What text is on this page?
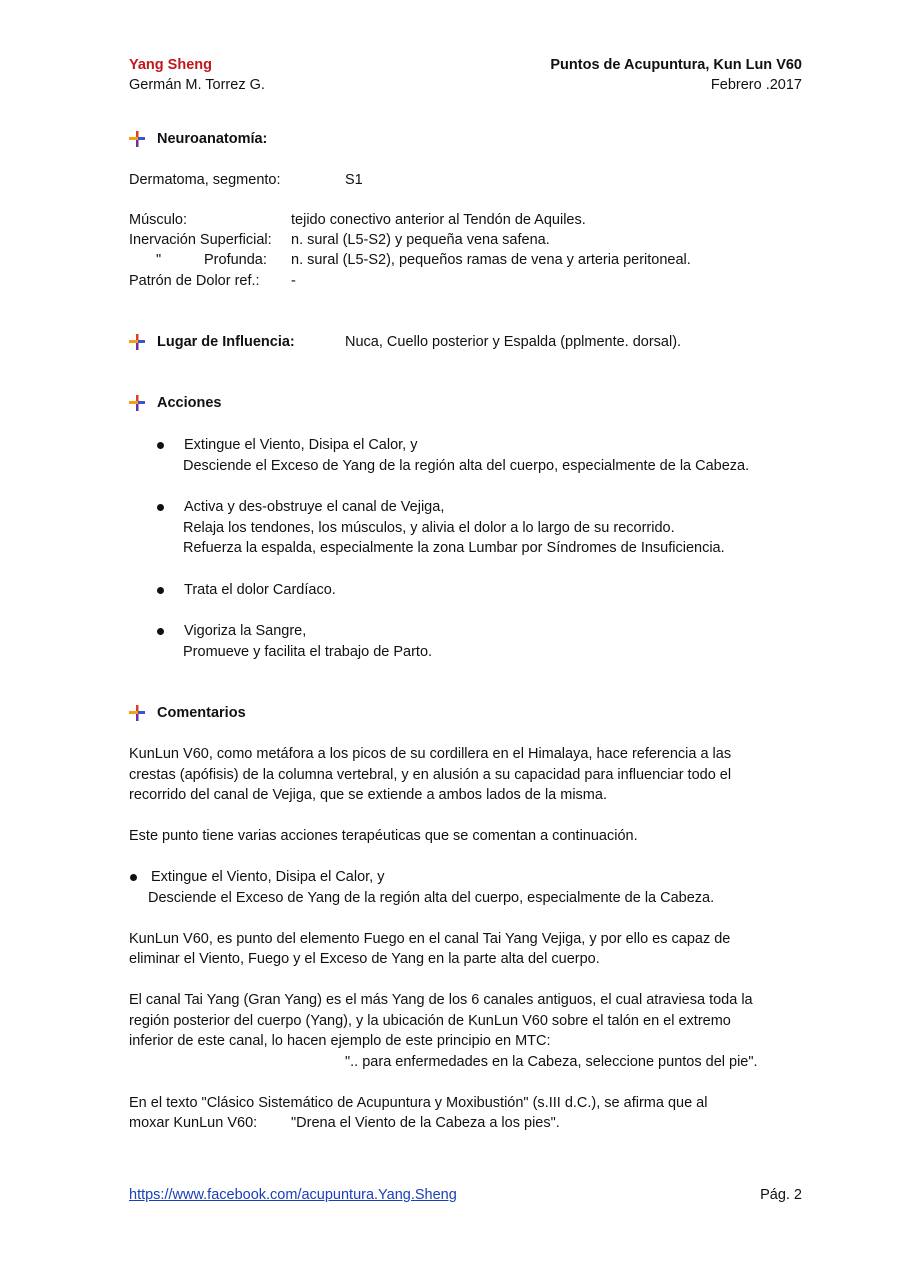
Yang Sheng
Germán M. Torrez G.
Puntos de Acupuntura, Kun Lun V60
Febrero .2017
Neuroanatomía:
Dermatoma, segmento:	S1
Músculo:	tejido conectivo anterior al Tendón de Aquiles.
Inervación Superficial: n. sural (L5-S2) y pequeña vena safena.
"	Profunda: n. sural (L5-S2), pequeños ramas de vena y arteria peritoneal.
Patrón de Dolor ref.: -
Lugar de Influencia:	Nuca, Cuello posterior y Espalda (pplmente. dorsal).
Acciones
Extingue el Viento, Disipa el Calor, y
Desciende el Exceso de Yang de la región alta del cuerpo, especialmente de la Cabeza.
Activa y des-obstruye el canal de Vejiga,
Relaja los tendones, los músculos, y alivia el dolor a lo largo de su recorrido.
Refuerza la espalda, especialmente la zona Lumbar por Síndromes de Insuficiencia.
Trata el dolor Cardíaco.
Vigoriza la Sangre,
Promueve y facilita el trabajo de Parto.
Comentarios
KunLun V60, como metáfora a los picos de su cordillera en el Himalaya, hace referencia a las
crestas (apófisis) de la columna vertebral, y en alusión a su capacidad para influenciar todo el
recorrido del canal de Vejiga, que se extiende a ambos lados de la misma.
Este punto tiene varias acciones terapéuticas que se comentan a continuación.
Extingue el Viento, Disipa el Calor, y
Desciende el Exceso de Yang de la región alta del cuerpo, especialmente de la Cabeza.
KunLun V60, es punto del elemento Fuego en el canal Tai Yang Vejiga, y por ello es capaz de
eliminar el Viento, Fuego y el Exceso de Yang en la parte alta del cuerpo.
El canal Tai Yang (Gran Yang) es el más Yang de los 6 canales antiguos, el cual atraviesa toda la
región posterior del cuerpo (Yang), y la ubicación de KunLun V60 sobre el talón en el extremo
inferior de este canal, lo hacen ejemplo de este principio en MTC:
".. para enfermedades en la Cabeza, seleccione puntos del pie".
En el texto "Clásico Sistemático de Acupuntura y Moxibustión" (s.III d.C.), se afirma que al
moxar KunLun V60: "Drena el Viento de la Cabeza a los pies".
https://www.facebook.com/acupuntura.Yang.Sheng	Pág. 2
